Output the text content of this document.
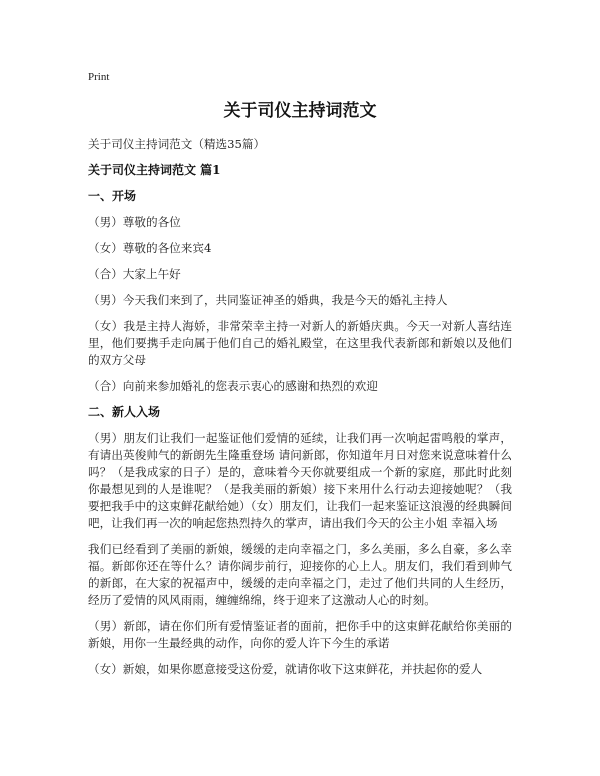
Print
关于司仪主持词范文
关于司仪主持词范文（精选35篇）
关于司仪主持词范文 篇1
一、开场
（男）尊敬的各位
（女）尊敬的各位来宾4
（合）大家上午好
（男）今天我们来到了，共同鉴证神圣的婚典，我是今天的婚礼主持人
（女）我是主持人海娇，非常荣幸主持一对新人的新婚庆典。今天一对新人喜结连里，他们要携手走向属于他们自己的婚礼殿堂，在这里我代表新郎和新娘以及他们的双方父母
（合）向前来参加婚礼的您表示衷心的感谢和热烈的欢迎
二、新人入场
（男）朋友们让我们一起鉴证他们爱情的延续，让我们再一次响起雷鸣般的掌声，有请出英俊帅气的新朗先生隆重登场 请问新郎，你知道年月日对您来说意味着什么吗？（是我成家的日子）是的，意味着今天你就要组成一个新的家庭，那此时此刻你最想见到的人是谁呢？（是我美丽的新娘）接下来用什么行动去迎接她呢？（我要把我手中的这束鲜花献给她）（女）朋友们，让我们一起来鉴证这浪漫的经典瞬间吧，让我们再一次的响起您热烈持久的掌声，请出我们今天的公主小姐 幸福入场
我们已经看到了美丽的新娘，缓缓的走向幸福之门，多么美丽，多么自豪，多么幸福。新郎你还在等什么？请你阔步前行，迎接你的心上人。朋友们，我们看到帅气的新郎，在大家的祝福声中，缓缓的走向幸福之门，走过了他们共同的人生经历，经历了爱情的风风雨雨，缠缠绵绵，终于迎来了这激动人心的时刻。
（男）新郎，请在你们所有爱情鉴证者的面前，把你手中的这束鲜花献给你美丽的新娘，用你一生最经典的动作，向你的爱人许下今生的承诺
（女）新娘，如果你愿意接受这份爱，就请你收下这束鲜花，并扶起你的爱人
